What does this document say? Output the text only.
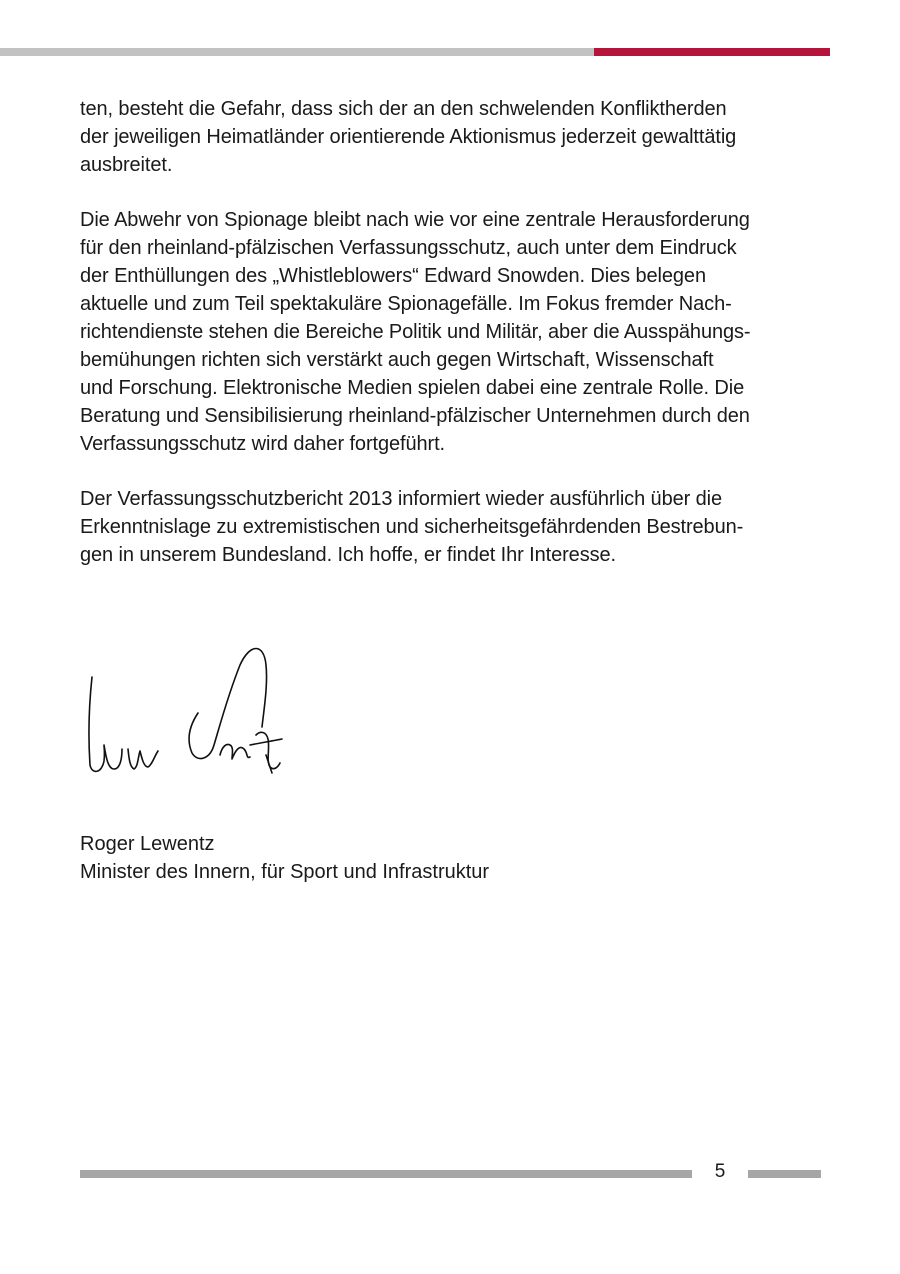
ten, besteht die Gefahr, dass sich der an den schwelenden Konfliktherden
der jeweiligen Heimatländer orientierende Aktionismus jederzeit gewalttätig
ausbreitet.

Die Abwehr von Spionage bleibt nach wie vor eine zentrale Herausforderung
für den rheinland-pfälzischen Verfassungsschutz, auch unter dem Eindruck
der Enthüllungen des „Whistleblowers“ Edward Snowden. Dies belegen
aktuelle und zum Teil spektakuläre Spionagefälle. Im Fokus fremder Nach-
richtendienste stehen die Bereiche Politik und Militär, aber die Ausspähungs-
bemühungen richten sich verstärkt auch gegen Wirtschaft, Wissenschaft
und Forschung. Elektronische Medien spielen dabei eine zentrale Rolle. Die
Beratung und Sensibilisierung rheinland-pfälzischer Unternehmen durch den
Verfassungsschutz wird daher fortgeführt.

Der Verfassungsschutzbericht 2013 informiert wieder ausführlich über die
Erkenntnislage zu extremistischen und sicherheitsgefährdenden Bestrebun-
gen in unserem Bundesland. Ich hoffe, er findet Ihr Interesse.

Roger Lewentz
Minister des Innern, für Sport und Infrastruktur
5
